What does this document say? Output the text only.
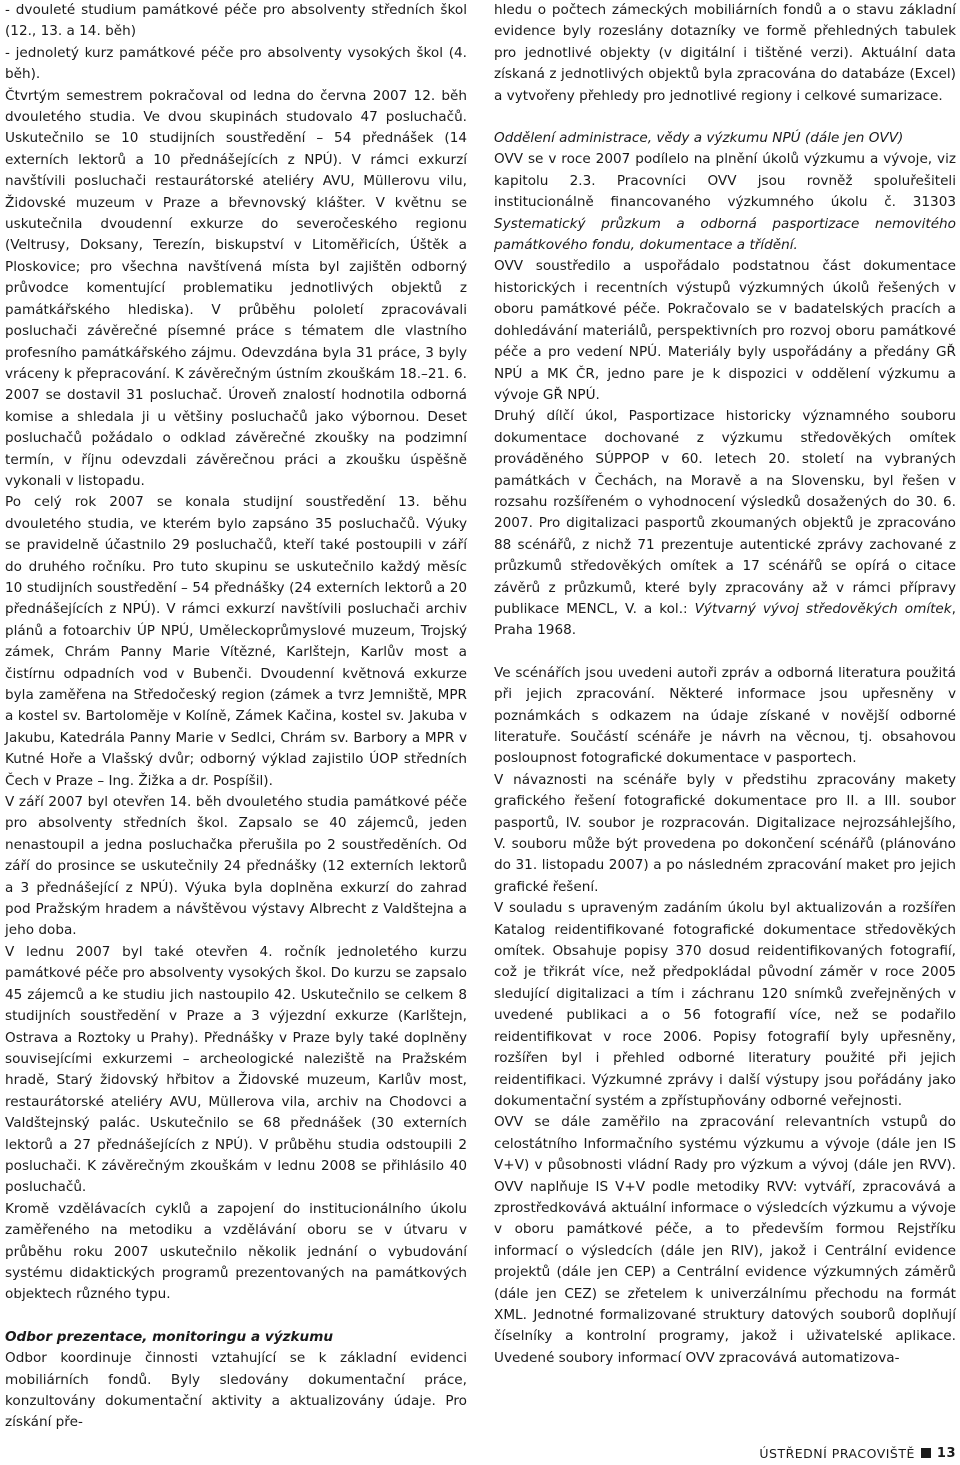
- dvouleté studium památkové péče pro absolventy středních škol (12., 13. a 14. běh)

- jednoletý kurz památkové péče pro absolventy vysokých škol (4. běh).

Čtvrtým semestrem pokračoval od ledna do června 2007 12. běh dvouletého studia. Ve dvou skupinách studovalo 47 posluchačů. Uskutečnilo se 10 studijních soustředění – 54 přednášek (14 externích lektorů a 10 přednášejících z NPÚ). V rámci exkurzí navštívili posluchači restaurátorské ateliéry AVU, Müllerovu vilu, Židovské muzeum v Praze a břevnovský klášter. V květnu se uskutečnila dvoudenní exkurze do severočeského regionu (Veltrusy, Doksany, Terezín, biskupství v Litoměřicích, Úštěk a Ploskovice; pro všechna navštívená místa byl zajištěn odborný průvodce komentující problematiku jednotlivých objektů z památkářského hlediska). V průběhu pololetí zpracovávali posluchači závěrečné písemné práce s tématem dle vlastního profesního památkářského zájmu. Odevzdána byla 31 práce, 3 byly vráceny k přepracování. K závěrečným ústním zkouškám 18.–21. 6. 2007 se dostavil 31 posluchač. Úroveň znalostí hodnotila odborná komise a shledala ji u většiny posluchačů jako výbornou. Deset posluchačů požádalo o odklad závěrečné zkoušky na podzimní termín, v říjnu odevzdali závěrečnou práci a zkoušku úspěšně vykonali v listopadu.

Po celý rok 2007 se konala studijní soustředění 13. běhu dvouletého studia, ve kterém bylo zapsáno 35 posluchačů. Výuky se pravidelně účastnilo 29 posluchačů, kteří také postoupili v září do druhého ročníku. Pro tuto skupinu se uskutečnilo každý měsíc 10 studijních soustředění – 54 přednášky (24 externích lektorů a 20 přednášejících z NPÚ). V rámci exkurzí navštívili posluchači archiv plánů a fotoarchiv ÚP NPÚ, Uměleckoprůmyslové muzeum, Trojský zámek, Chrám Panny Marie Vítězné, Karlštejn, Karlův most a čistírnu odpadních vod v Bubenči. Dvoudenní květnová exkurze byla zaměřena na Středočeský region (zámek a tvrz Jemniště, MPR a kostel sv. Bartoloměje v Kolíně, Zámek Kačina, kostel sv. Jakuba v Jakubu, Katedrála Panny Marie v Sedlci, Chrám sv. Barbory a MPR v Kutné Hoře a Vlašský dvůr; odborný výklad zajistilo ÚOP středních Čech v Praze – Ing. Žižka a dr. Pospíšil).

V září 2007 byl otevřen 14. běh dvouletého studia památkové péče pro absolventy středních škol. Zapsalo se 40 zájemců, jeden nenastoupil a jedna posluchačka přerušila po 2 soustředěních. Od září do prosince se uskutečnily 24 přednášky (12 externích lektorů a 3 přednášející z NPÚ). Výuka byla doplněna exkurzí do zahrad pod Pražským hradem a návštěvou výstavy Albrecht z Valdštejna a jeho doba.

V lednu 2007 byl také otevřen 4. ročník jednoletého kurzu památkové péče pro absolventy vysokých škol. Do kurzu se zapsalo 45 zájemců a ke studiu jich nastoupilo 42. Uskutečnilo se celkem 8 studijních soustředění v Praze a 3 výjezdní exkurze (Karlštejn, Ostrava a Roztoky u Prahy). Přednášky v Praze byly také doplněny souvisejícími exkurzemi – archeologické naleziště na Pražském hradě, Starý židovský hřbitov a Židovské muzeum, Karlův most, restaurátorské ateliéry AVU, Müllerova vila, archiv na Chodovci a Valdštejnský palác. Uskutečnilo se 68 přednášek (30 externích lektorů a 27 přednášejících z NPÚ). V průběhu studia odstoupili 2 posluchači. K závěrečným zkouškám v lednu 2008 se přihlásilo 40 posluchačů.

Kromě vzdělávacích cyklů a zapojení do institucionálního úkolu zaměřeného na metodiku a vzdělávání oboru se v útvaru v průběhu roku 2007 uskutečnilo několik jednání o vybudování systému didaktických programů prezentovaných na památkových objektech různého typu.

Odbor prezentace, monitoringu a výzkumu

Odbor koordinuje činnosti vztahující se k základní evidenci mobiliárních fondů. Byly sledovány dokumentační práce, konzultovány dokumentační aktivity a aktualizovány údaje. Pro získání pře-

hledu o počtech zámeckých mobiliárních fondů a o stavu základní evidence byly rozeslány dotazníky ve formě přehledných tabulek pro jednotlivé objekty (v digitální i tištěné verzi). Aktuální data získaná z jednotlivých objektů byla zpracována do databáze (Excel) a vytvořeny přehledy pro jednotlivé regiony i celkové sumarizace.

Oddělení administrace, vědy a výzkumu NPÚ (dále jen OVV)

OVV se v roce 2007 podílelo na plnění úkolů výzkumu a vývoje, viz kapitolu 2.3. Pracovníci OVV jsou rovněž spoluřešiteli institucionálně financovaného výzkumného úkolu č. 31303 Systematický průzkum a odborná pasportizace nemovitého památkového fondu, dokumentace a třídění.

OVV soustředilo a uspořádalo podstatnou část dokumentace historických i recentních výstupů výzkumných úkolů řešených v oboru památkové péče. Pokračovalo se v badatelských pracích a dohledávání materiálů, perspektivních pro rozvoj oboru památkové péče a pro vedení NPÚ. Materiály byly uspořádány a předány GŘ NPÚ a MK ČR, jedno pare je k dispozici v oddělení výzkumu a vývoje GŘ NPÚ.

Druhý dílčí úkol, Pasportizace historicky významného souboru dokumentace dochované z výzkumu středověkých omítek prováděného SÚPPOP v 60. letech 20. století na vybraných památkách v Čechách, na Moravě a na Slovensku, byl řešen v rozsahu rozšířeném o vyhodnocení výsledků dosažených do 30. 6. 2007. Pro digitalizaci pasportů zkoumaných objektů je zpracováno 88 scénářů, z nichž 71 prezentuje autentické zprávy zachované z průzkumů středověkých omítek a 17 scénářů se opírá o citace závěrů z průzkumů, které byly zpracovány až v rámci přípravy publikace MENCL, V. a kol.: Výtvarný vývoj středověkých omítek, Praha 1968.

Ve scénářích jsou uvedeni autoři zpráv a odborná literatura použitá při jejich zpracování. Některé informace jsou upřesněny v poznámkách s odkazem na údaje získané v novější odborné literatuře. Součástí scénáře je návrh na věcnou, tj. obsahovou posloupnost fotografické dokumentace v pasportech.

V návaznosti na scénáře byly v předstihu zpracovány makety grafického řešení fotografické dokumentace pro II. a III. soubor pasportů, IV. soubor je rozpracován. Digitalizace nejrozsáhlejšího, V. souboru může být provedena po dokončení scénářů (plánováno do 31. listopadu 2007) a po následném zpracování maket pro jejich grafické řešení.

V souladu s upraveným zadáním úkolu byl aktualizován a rozšířen Katalog reidentifikované fotografické dokumentace středověkých omítek. Obsahuje popisy 370 dosud reidentifikovaných fotografií, což je třikrát více, než předpokládal původní záměr v roce 2005 sledující digitalizaci a tím i záchranu 120 snímků zveřejněných v uvedené publikaci a o 56 fotografií více, než se podařilo reidentifikovat v roce 2006. Popisy fotografií byly upřesněny, rozšířen byl i přehled odborné literatury použité při jejich reidentifikaci. Výzkumné zprávy i další výstupy jsou pořádány jako dokumentační systém a zpřístupňovány odborné veřejnosti.

OVV se dále zaměřilo na zpracování relevantních vstupů do celostátního Informačního systému výzkumu a vývoje (dále jen IS V+V) v působnosti vládní Rady pro výzkum a vývoj (dále jen RVV). OVV naplňuje IS V+V podle metodiky RVV: vytváří, zpracovává a zprostředkovává aktuální informace o výsledcích výzkumu a vývoje v oboru památkové péče, a to především formou Rejstříku informací o výsledcích (dále jen RIV), jakož i Centrální evidence projektů (dále jen CEP) a Centrální evidence výzkumných záměrů (dále jen CEZ) se zřetelem k univerzálnímu přechodu na formát XML. Jednotné formalizované struktury datových souborů doplňují číselníky a kontrolní programy, jakož i uživatelské aplikace. Uvedené soubory informací OVV zpracovává automatizova-

ÚSTŘEDNÍ PRACOVIŠTĚ 13
